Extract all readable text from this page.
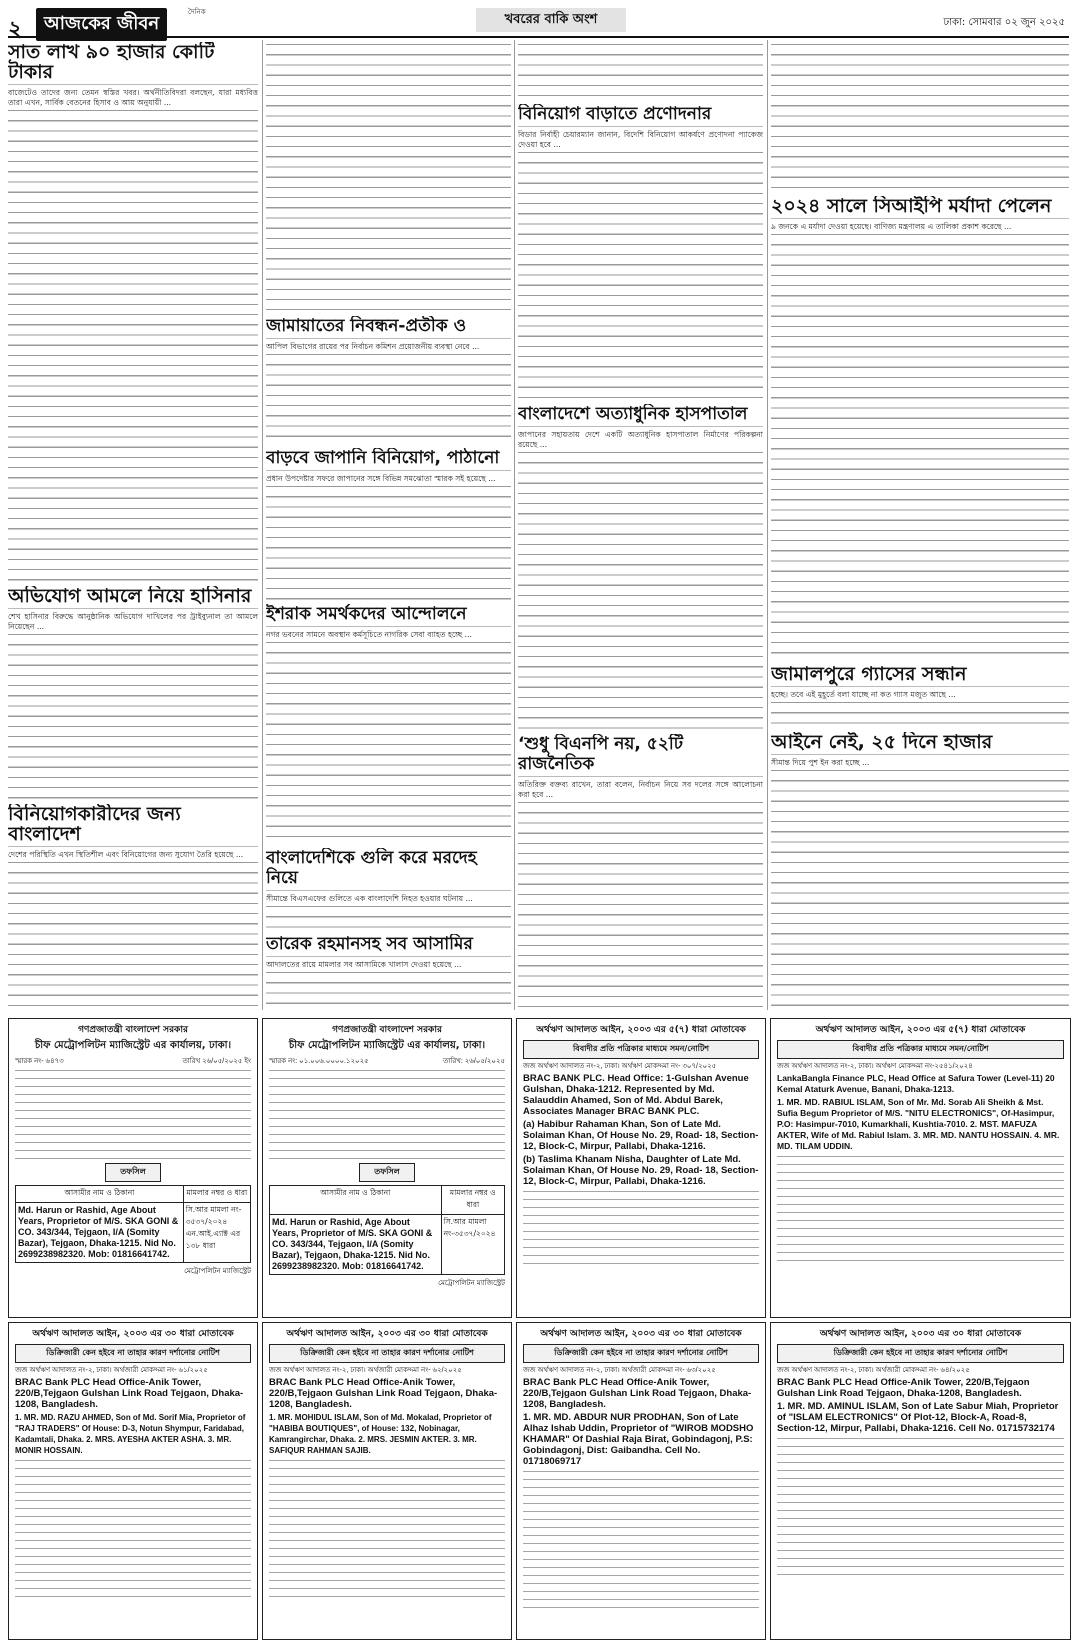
২	আজকের জীবন
দৈনিক	খবরের বাকি অংশ	ঢাকা: সোমবার ০২ জুন ২০২৫
সাত লাখ ৯০ হাজার কোটি টাকার

বাজেটেও তাদের জন্য তেমন স্বস্তির খবর। অর্থনীতিবিদরা বলছেন, যারা মধ্যবিত্ত তারা এখন, সার্বিক বেতনের হিসাব ও আয় অনুযায়ী ...

অভিযোগ আমলে নিয়ে হাসিনার

শেখ হাসিনার বিরুদ্ধে আনুষ্ঠানিক অভিযোগ দাখিলের পর ট্রাইব্যুনাল তা আমলে নিয়েছেন ...

বিনিয়োগকারীদের জন্য বাংলাদেশ

দেশের পরিস্থিতি এখন স্থিতিশীল এবং বিনিয়োগের জন্য সুযোগ তৈরি হয়েছে ...

জামায়াতের নিবন্ধন-প্রতীক ও

আপিল বিভাগের রায়ের পর নির্বাচন কমিশন প্রয়োজনীয় ব্যবস্থা নেবে ...

বাড়বে জাপানি বিনিয়োগ, পাঠানো

প্রধান উপদেষ্টার সফরে জাপানের সঙ্গে বিভিন্ন সমঝোতা স্মারক সই হয়েছে ...

ইশরাক সমর্থকদের আন্দোলনে

নগর ভবনের সামনে অবস্থান কর্মসূচিতে নাগরিক সেবা ব্যাহত হচ্ছে ...

বাংলাদেশিকে গুলি করে মরদেহ নিয়ে

সীমান্তে বিএসএফের গুলিতে এক বাংলাদেশি নিহত হওয়ার ঘটনায় ...

তারেক রহমানসহ সব আসামির

আদালতের রায়ে মামলার সব আসামিকে খালাস দেওয়া হয়েছে ...

বিনিয়োগ বাড়াতে প্রণোদনার

বিডার নির্বাহী চেয়ারম্যান জানান, বিদেশি বিনিয়োগ আকর্ষণে প্রণোদনা প্যাকেজ দেওয়া হবে ...

বাংলাদেশে অত্যাধুনিক হাসপাতাল

জাপানের সহায়তায় দেশে একটি অত্যাধুনিক হাসপাতাল নির্মাণের পরিকল্পনা রয়েছে ...

‘শুধু বিএনপি নয়, ৫২টি রাজনৈতিক

অতিরিক্ত বক্তব্য রাখেন, তারা বলেন, নির্বাচন নিয়ে সব দলের সঙ্গে আলোচনা করা হবে ...

২০২৪ সালে সিআইপি মর্যাদা পেলেন

৯ জনকে এ মর্যাদা দেওয়া হয়েছে। বাণিজ্য মন্ত্রণালয় এ তালিকা প্রকাশ করেছে ...

জামালপুরে গ্যাসের সন্ধান

হচ্ছে। তবে এই মুহূর্তে বলা যাচ্ছে না কত গ্যাস মজুত আছে ...

আইনে নেই, ২৫ দিনে হাজার

সীমান্ত দিয়ে পুশ ইন করা হচ্ছে ...

গণপ্রজাতন্ত্রী বাংলাদেশ সরকার
চীফ মেট্রোপলিটন ম্যাজিস্ট্রেট এর কার্যালয়, ঢাকা।
স্মারক নং- ৬৪৭৩	তারিখ ২৬/০৫/২০২৫ ইং
তফসিল
আসামীর নাম ও ঠিকানা	মামলার নম্বর ও ধারা
Md. Harun or Rashid, Age About Years, Proprietor of M/S. SKA GONI & CO. 343/344, Tejgaon, I/A (Somity Bazar), Tejgaon, Dhaka-1215. Nid No. 2699238982320. Mob: 01816641742.	সি.আর মামলা নং- ৩৫৩৭/২০২৪ এন.আই.এ্যাক্ট এর ১৩৮ ধারা
মেট্রোপলিটন ম্যাজিস্ট্রেট
গণপ্রজাতন্ত্রী বাংলাদেশ সরকার
চীফ মেট্রোপলিটন ম্যাজিস্ট্রেট এর কার্যালয়, ঢাকা।
স্মারক নং: ০১.০০৬.০০০০.১২০২৫	তারিখ: ২৬/০৫/২০২৫
তফসিল
আসামীর নাম ও ঠিকানা	মামলার নম্বর ও ধারা
Md. Harun or Rashid, Age About Years, Proprietor of M/S. SKA GONI & CO. 343/344, Tejgaon, I/A (Somity Bazar), Tejgaon, Dhaka-1215. Nid No. 2699238982320. Mob: 01816641742.	সি.আর মামলা নং-৩৫৩৭/২০২৪
মেট্রোপলিটন ম্যাজিস্ট্রেট
অর্থঋণ আদালত আইন, ২০০৩ এর ৫(৭) ধারা মোতাবেক
বিবাদীর প্রতি পত্রিকার মাধ্যমে সমন/নোটিশ
জজ অর্থঋণ আদালত নং-২, ঢাকা। অর্থঋণ মোকদ্দমা নং- ৩০৭/২০২৫
BRAC BANK PLC. Head Office: 1-Gulshan Avenue Gulshan, Dhaka-1212. Represented by Md. Salauddin Ahamed, Son of Md. Abdul Barek, Associates Manager BRAC BANK PLC.
(a) Habibur Rahaman Khan, Son of Late Md. Solaiman Khan, Of House No. 29, Road- 18, Section-12, Block-C, Mirpur, Pallabi, Dhaka-1216.
(b) Taslima Khanam Nisha, Daughter of Late Md. Solaiman Khan, Of House No. 29, Road- 18, Section-12, Block-C, Mirpur, Pallabi, Dhaka-1216.
অর্থঋণ আদালত আইন, ২০০৩ এর ৫(৭) ধারা মোতাবেক
বিবাদীর প্রতি পত্রিকার মাধ্যমে সমন/নোটিশ
জজ অর্থঋণ আদালত নং-২, ঢাকা। অর্থঋণ মোকদ্দমা নং-২৫৪১/২০২৪
LankaBangla Finance PLC, Head Office at Safura Tower (Level-11) 20 Kemal Ataturk Avenue, Banani, Dhaka-1213.
1. MR. MD. RABIUL ISLAM, Son of Mr. Md. Sorab Ali Sheikh & Mst. Sufia Begum Proprietor of M/S. "NITU ELECTRONICS", Of-Hasimpur, P.O: Hasimpur-7010, Kumarkhali, Kushtia-7010. 2. MST. MAFUZA AKTER, Wife of Md. Rabiul Islam. 3. MR. MD. NANTU HOSSAIN. 4. MR. MD. TILAM UDDIN.
অর্থঋণ আদালত আইন, ২০০৩ এর ৩০ ধারা মোতাবেক
ডিক্রিজারী কেন হইবে না তাহার কারণ দর্শানোর নোটিশ
জজ অর্থঋণ আদালত নং-২, ঢাকা। অর্থজারী মোকদ্দমা নং- ৬১/২০২৫
BRAC Bank PLC Head Office-Anik Tower, 220/B,Tejgaon Gulshan Link Road Tejgaon, Dhaka-1208, Bangladesh.
1. MR. MD. RAZU AHMED, Son of Md. Sorif Mia, Proprietor of "RAJ TRADERS" Of House: D-3, Notun Shympur, Faridabad, Kadamtali, Dhaka. 2. MRS. AYESHA AKTER ASHA. 3. MR. MONIR HOSSAIN.
অর্থঋণ আদালত আইন, ২০০৩ এর ৩০ ধারা মোতাবেক
ডিক্রিজারী কেন হইবে না তাহার কারণ দর্শানোর নোটিশ
জজ অর্থঋণ আদালত নং-২, ঢাকা। অর্থজারী মোকদ্দমা নং- ৬২/২০২৫
BRAC Bank PLC Head Office-Anik Tower, 220/B,Tejgaon Gulshan Link Road Tejgaon, Dhaka-1208, Bangladesh.
1. MR. MOHIDUL ISLAM, Son of Md. Mokalad, Proprietor of "HABIBA BOUTIQUES", of House: 132, Nobinagar, Kamrangirchar, Dhaka. 2. MRS. JESMIN AKTER. 3. MR. SAFIQUR RAHMAN SAJIB.
অর্থঋণ আদালত আইন, ২০০৩ এর ৩০ ধারা মোতাবেক
ডিক্রিজারী কেন হইবে না তাহার কারণ দর্শানোর নোটিশ
জজ অর্থঋণ আদালত নং-২, ঢাকা। অর্থজারী মোকদ্দমা নং- ৬৩/২০২৫
BRAC Bank PLC Head Office-Anik Tower, 220/B,Tejgaon Gulshan Link Road Tejgaon, Dhaka-1208, Bangladesh.
1. MR. MD. ABDUR NUR PRODHAN, Son of Late Alhaz Ishab Uddin, Proprietor of "WIROB MODSHO KHAMAR" Of Dashial Raja Birat, Gobindagonj, P.S: Gobindagonj, Dist: Gaibandha. Cell No. 01718069717
অর্থঋণ আদালত আইন, ২০০৩ এর ৩০ ধারা মোতাবেক
ডিক্রিজারী কেন হইবে না তাহার কারণ দর্শানোর নোটিশ
জজ অর্থঋণ আদালত নং-২, ঢাকা। অর্থজারী মোকদ্দমা নং- ৬৪/২০২৫
BRAC Bank PLC Head Office-Anik Tower, 220/B,Tejgaon Gulshan Link Road Tejgaon, Dhaka-1208, Bangladesh.
1. MR. MD. AMINUL ISLAM, Son of Late Sabur Miah, Proprietor of "ISLAM ELECTRONICS" Of Plot-12, Block-A, Road-8, Section-12, Mirpur, Pallabi, Dhaka-1216. Cell No. 01715732174
